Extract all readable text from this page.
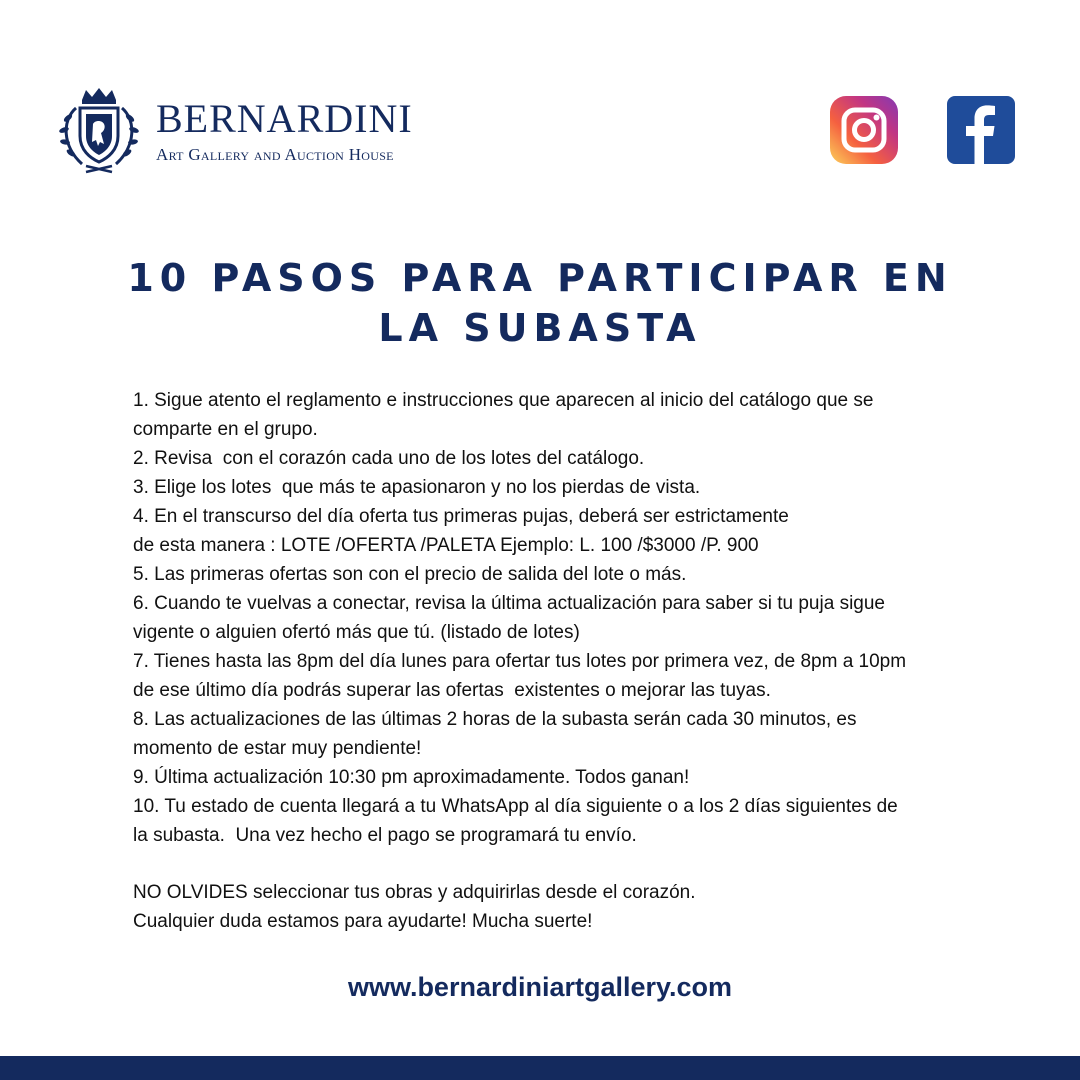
BERNARDINI
Art Gallery and Auction House
10 PASOS PARA PARTICIPAR EN
LA SUBASTA
1. Sigue atento el reglamento e instrucciones que aparecen al inicio del catálogo que se
comparte en el grupo.
2. Revisa  con el corazón cada uno de los lotes del catálogo.
3. Elige los lotes  que más te apasionaron y no los pierdas de vista.
4. En el transcurso del día oferta tus primeras pujas, deberá ser estrictamente
de esta manera : LOTE /OFERTA /PALETA Ejemplo: L. 100 /$3000 /P. 900
5. Las primeras ofertas son con el precio de salida del lote o más.
6. Cuando te vuelvas a conectar, revisa la última actualización para saber si tu puja sigue
vigente o alguien ofertó más que tú. (listado de lotes)
7. Tienes hasta las 8pm del día lunes para ofertar tus lotes por primera vez, de 8pm a 10pm
de ese último día podrás superar las ofertas  existentes o mejorar las tuyas.
8. Las actualizaciones de las últimas 2 horas de la subasta serán cada 30 minutos, es
momento de estar muy pendiente!
9. Última actualización 10:30 pm aproximadamente. Todos ganan!
10. Tu estado de cuenta llegará a tu WhatsApp al día siguiente o a los 2 días siguientes de
la subasta.  Una vez hecho el pago se programará tu envío.
NO OLVIDES seleccionar tus obras y adquirirlas desde el corazón.
Cualquier duda estamos para ayudarte! Mucha suerte!
www.bernardiniartgallery.com
